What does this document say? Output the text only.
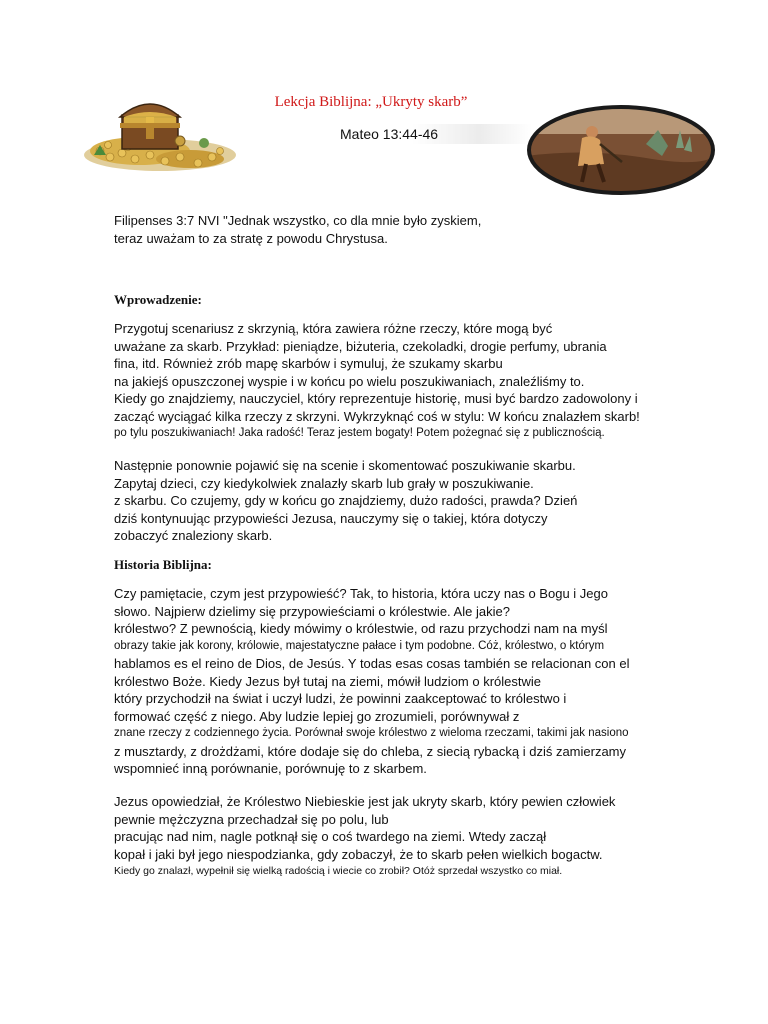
Lekcja Biblijna: „Ukryty skarb”
Mateo 13:44-46
Filipenses 3:7 NVI "Jednak wszystko, co dla mnie było zyskiem,
teraz uważam to za stratę z powodu Chrystusa.
Wprowadzenie:
Przygotuj scenariusz z skrzynią, która zawiera różne rzeczy, które mogą być
uważane za skarb. Przykład: pieniądze, biżuteria, czekoladki, drogie perfumy, ubrania
fina, itd. Również zrób mapę skarbów i symuluj, że szukamy skarbu
na jakiejś opuszczonej wyspie i w końcu po wielu poszukiwaniach, znaleźliśmy to.
Kiedy go znajdziemy, nauczyciel, który reprezentuje historię, musi być bardzo zadowolony i
zacząć wyciągać kilka rzeczy z skrzyni. Wykrzyknąć coś w stylu: W końcu znalazłem skarb!
po tylu poszukiwaniach! Jaka radość! Teraz jestem bogaty! Potem pożegnać się z publicznością.
Następnie ponownie pojawić się na scenie i skomentować poszukiwanie skarbu.
Zapytaj dzieci, czy kiedykolwiek znalazły skarb lub grały w poszukiwanie.
z skarbu. Co czujemy, gdy w końcu go znajdziemy, dużo radości, prawda? Dzień
dziś kontynuując przypowieści Jezusa, nauczymy się o takiej, która dotyczy
zobaczyć znaleziony skarb.
Historia Biblijna:
Czy pamiętacie, czym jest przypowieść? Tak, to historia, która uczy nas o Bogu i Jego
słowo. Najpierw dzielimy się przypowieściami o królestwie. Ale jakie?
królestwo? Z pewnością, kiedy mówimy o królestwie, od razu przychodzi nam na myśl
obrazy takie jak korony, królowie, majestatyczne pałace i tym podobne. Cóż, królestwo, o którym
hablamos es el reino de Dios, de Jesús. Y todas esas cosas también se relacionan con el
królestwo Boże. Kiedy Jezus był tutaj na ziemi, mówił ludziom o królestwie
który przychodził na świat i uczył ludzi, że powinni zaakceptować to królestwo i
formować część z niego. Aby ludzie lepiej go zrozumieli, porównywał z
znane rzeczy z codziennego życia. Porównał swoje królestwo z wieloma rzeczami, takimi jak nasiono
z musztardy, z drożdżami, które dodaje się do chleba, z siecią rybacką i dziś zamierzamy
wspomnieć inną porównanie, porównuję to z skarbem.
Jezus opowiedział, że Królestwo Niebieskie jest jak ukryty skarb, który pewien człowiek
pewnie mężczyzna przechadzał się po polu, lub
pracując nad nim, nagle potknął się o coś twardego na ziemi. Wtedy zaczął
kopał i jaki był jego niespodzianka, gdy zobaczył, że to skarb pełen wielkich bogactw.
Kiedy go znalazł, wypełnił się wielką radością i wiecie co zrobił? Otóż sprzedał wszystko co miał.
